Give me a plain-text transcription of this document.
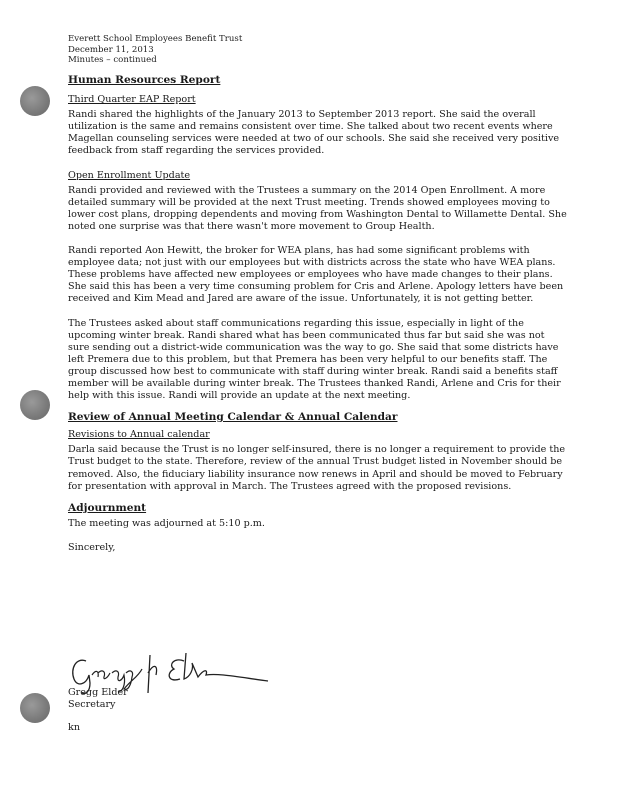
Everett School Employees Benefit Trust
December 11, 2013
Minutes – continued
Human Resources Report
Third Quarter EAP Report

Randi shared the highlights of the January 2013 to September 2013 report. She said the overall utilization is the same and remains consistent over time. She talked about two recent events where Magellan counseling services were needed at two of our schools. She said she received very positive feedback from staff regarding the services provided.

Open Enrollment Update

Randi provided and reviewed with the Trustees a summary on the 2014 Open Enrollment. A more detailed summary will be provided at the next Trust meeting. Trends showed employees moving to lower cost plans, dropping dependents and moving from Washington Dental to Willamette Dental. She noted one surprise was that there wasn't more movement to Group Health.

Randi reported Aon Hewitt, the broker for WEA plans, has had some significant problems with employee data; not just with our employees but with districts across the state who have WEA plans. These problems have affected new employees or employees who have made changes to their plans. She said this has been a very time consuming problem for Cris and Arlene. Apology letters have been received and Kim Mead and Jared are aware of the issue. Unfortunately, it is not getting better.

The Trustees asked about staff communications regarding this issue, especially in light of the upcoming winter break. Randi shared what has been communicated thus far but said she was not sure sending out a district-wide communication was the way to go. She said that some districts have left Premera due to this problem, but that Premera has been very helpful to our benefits staff. The group discussed how best to communicate with staff during winter break. Randi said a benefits staff member will be available during winter break. The Trustees thanked Randi, Arlene and Cris for their help with this issue. Randi will provide an update at the next meeting.

Review of Annual Meeting Calendar & Annual Calendar
Revisions to Annual calendar

Darla said because the Trust is no longer self-insured, there is no longer a requirement to provide the Trust budget to the state. Therefore, review of the annual Trust budget listed in November should be removed. Also, the fiduciary liability insurance now renews in April and should be moved to February for presentation with approval in March. The Trustees agreed with the proposed revisions.

Adjournment

The meeting was adjourned at 5:10 p.m.

Sincerely,
Gregg Elder
Secretary
kn
